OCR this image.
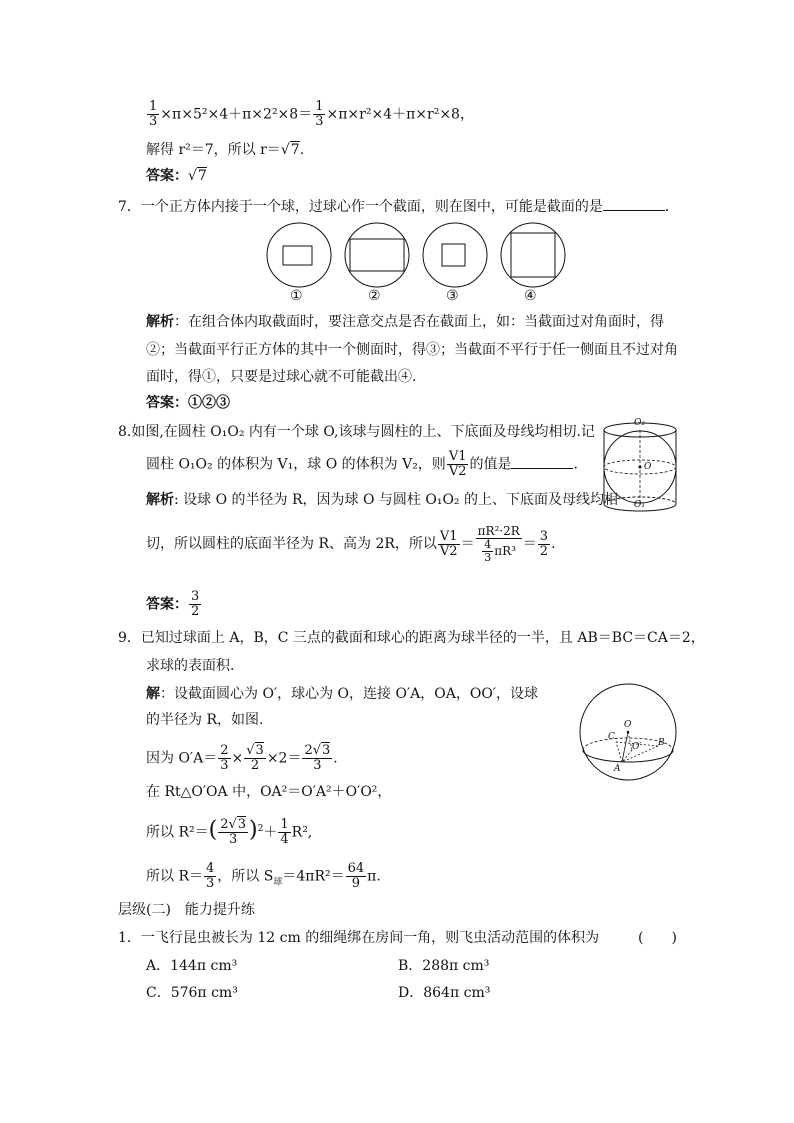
$\frac{1}{3} \times\pi\times 5^2\times 4+\pi\times 2^2\times 8= \frac{1}{3} \times\pi\times r^2\times 4+\pi\times r^2\times 8$，
解得 r²＝7，所以 r＝√7.
答案：√7
7．一个正方体内接于一个球，过球心作一个截面，则在图中，可能是截面的是	．
①	②	③	④
解析：在组合体内取截面时，要注意交点是否在截面上，如：当截面过对角面时，得
②；当截面平行正方体的其中一个侧面时，得③；当截面不平行于任一侧面且不过对角
面时，得①，只要是过球心就不可能截出④.
答案：①②③
8.如图,在圆柱 O₁O₂ 内有一个球 O,该球与圆柱的上、下底面及母线均相切.记
圆柱 O₁O₂ 的体积为 V₁，球 O 的体积为 V₂，则 $\frac{V1}{V2}$ 的值是	.
解析: 设球 O 的半径为 R，因为球 O 与圆柱 O₁O₂ 的上、下底面及母线均相
切，所以圆柱的底面半径为 R、高为 2R，所以 $\frac{V1}{V2} = \frac{\text{πR²·2R}}{\frac{4}{3} \pi R^3} = \frac{3}{2}$ .
答案： $\frac{3}{2}$
O₂
O
O₁
9．已知过球面上 A，B，C 三点的截面和球心的距离为球半径的一半，且 AB＝BC＝CA＝2，
求球的表面积.
解：设截面圆心为 O′，球心为 O，连接 O′A，OA，OO′，设球
的半径为 R，如图.
因为 $O'A= \frac{2}{3} \times \frac{√3}{2} \times 2= \frac{2√3}{3}$ .
在 Rt△O′OA 中，OA²＝O′A²＋O′O²，
所以 $R^2=( \frac{2√3}{3} )^2+ \frac{1}{4} R^2$,
所以 $R= \frac{4}{3}$ ，所以 $S_球=4\pi R^2= \frac{64}{9} \pi$.
O
C
O′ B
A
层级(二)　能力提升练
1．一飞行昆虫被长为 12 cm 的细绳绑在房间一角，则飞虫活动范围的体积为	(　　)
A．144π cm³	B．288π cm³
C．576π cm³	D．864π cm³
